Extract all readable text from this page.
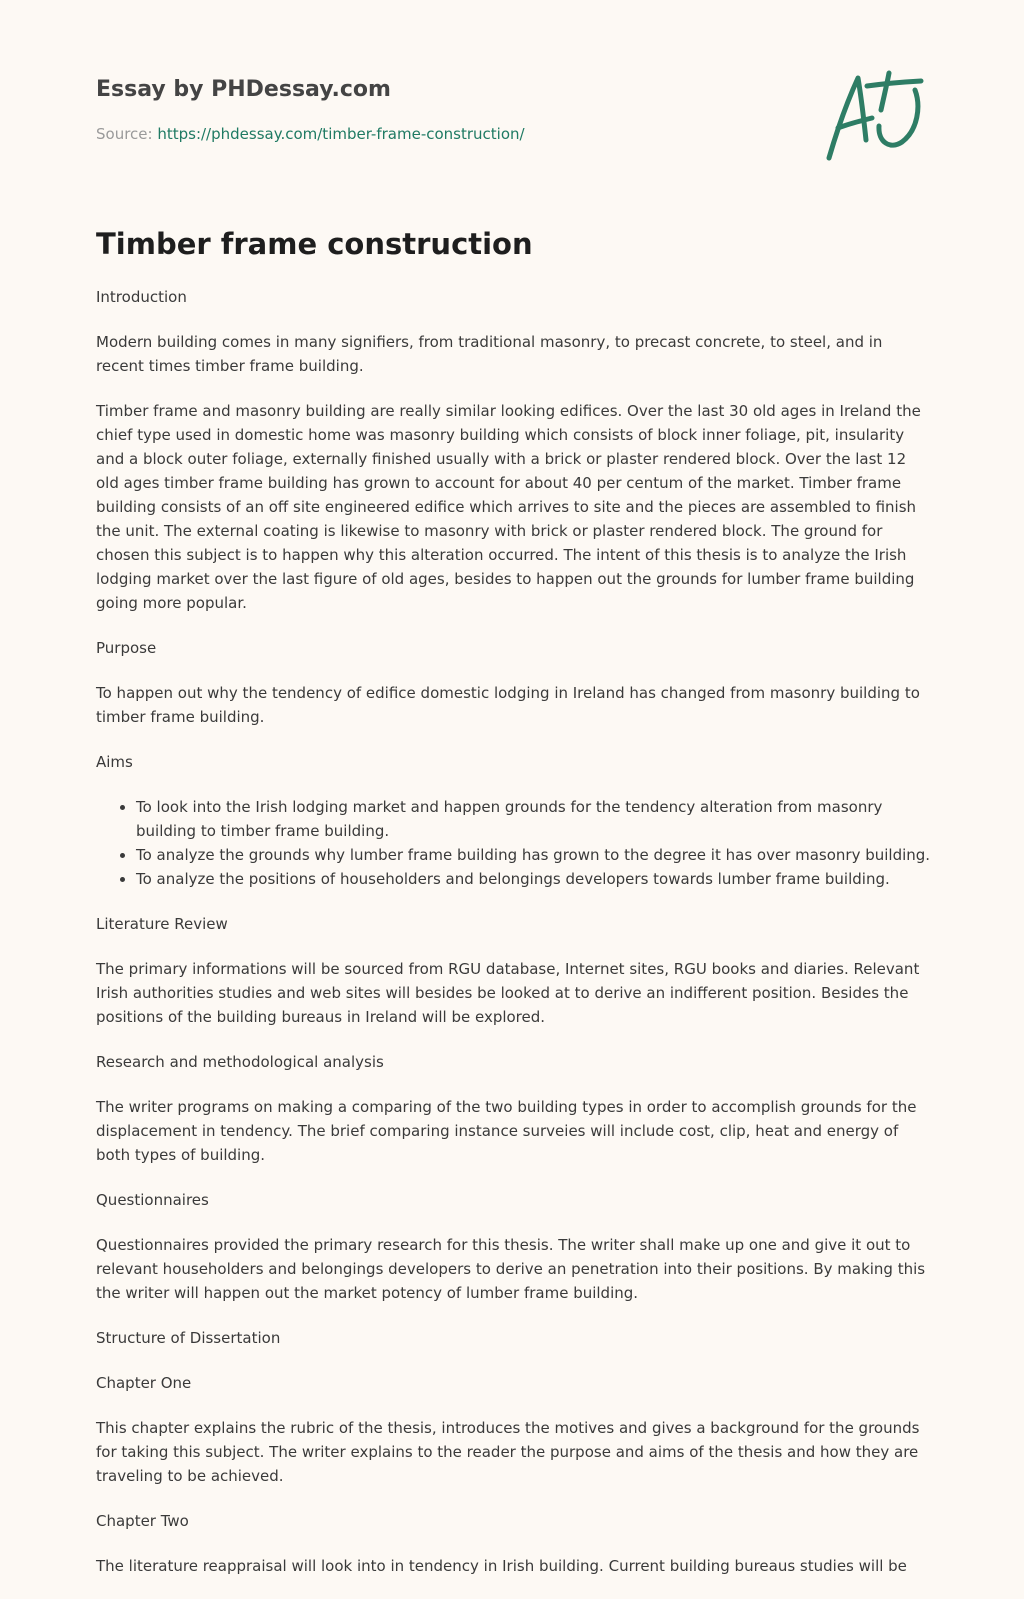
Essay by PHDessay.com
Source: https://phdessay.com/timber-frame-construction/
Timber frame construction

Introduction

Modern building comes in many signifiers, from traditional masonry, to precast concrete, to steel, and in recent times timber frame building.

Timber frame and masonry building are really similar looking edifices. Over the last 30 old ages in Ireland the chief type used in domestic home was masonry building which consists of block inner foliage, pit, insularity and a block outer foliage, externally finished usually with a brick or plaster rendered block. Over the last 12 old ages timber frame building has grown to account for about 40 per centum of the market. Timber frame building consists of an off site engineered edifice which arrives to site and the pieces are assembled to finish the unit. The external coating is likewise to masonry with brick or plaster rendered block. The ground for chosen this subject is to happen why this alteration occurred. The intent of this thesis is to analyze the Irish lodging market over the last figure of old ages, besides to happen out the grounds for lumber frame building going more popular.

Purpose

To happen out why the tendency of edifice domestic lodging in Ireland has changed from masonry building to timber frame building.

Aims

• To look into the Irish lodging market and happen grounds for the tendency alteration from masonry building to timber frame building.
• To analyze the grounds why lumber frame building has grown to the degree it has over masonry building.
• To analyze the positions of householders and belongings developers towards lumber frame building.

Literature Review

The primary informations will be sourced from RGU database, Internet sites, RGU books and diaries. Relevant Irish authorities studies and web sites will besides be looked at to derive an indifferent position. Besides the positions of the building bureaus in Ireland will be explored.

Research and methodological analysis

The writer programs on making a comparing of the two building types in order to accomplish grounds for the displacement in tendency. The brief comparing instance surveies will include cost, clip, heat and energy of both types of building.

Questionnaires

Questionnaires provided the primary research for this thesis. The writer shall make up one and give it out to relevant householders and belongings developers to derive an penetration into their positions. By making this the writer will happen out the market potency of lumber frame building.

Structure of Dissertation

Chapter One

This chapter explains the rubric of the thesis, introduces the motives and gives a background for the grounds for taking this subject. The writer explains to the reader the purpose and aims of the thesis and how they are traveling to be achieved.

Chapter Two

The literature reappraisal will look into in tendency in Irish building. Current building bureaus studies will be
